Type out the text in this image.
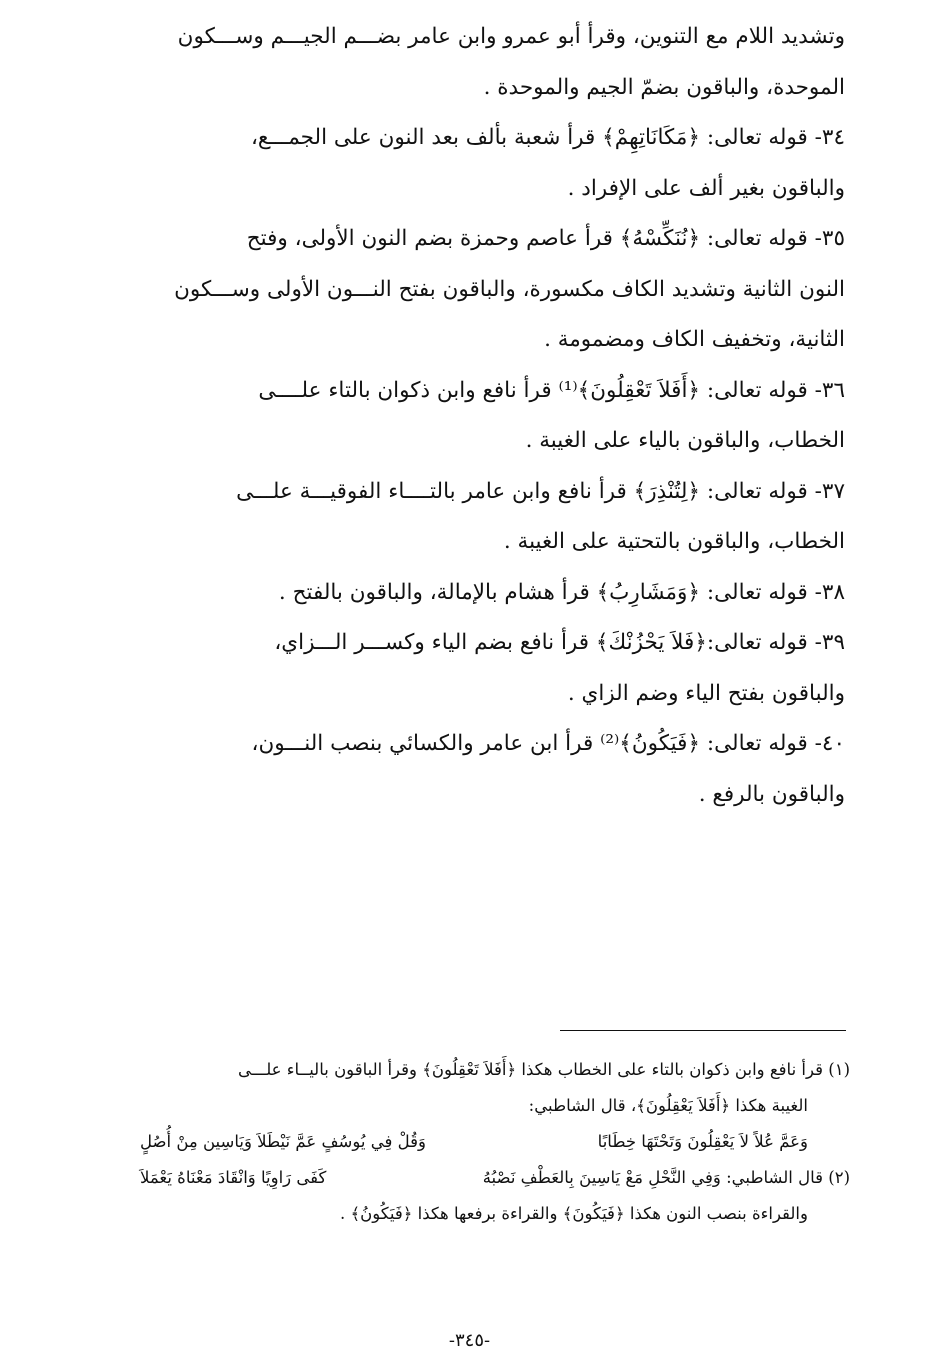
وتشديد اللام مع التنوين، وقرأ أبو عمرو وابن عامر بضـــم الجيـــم وســـكون

الموحدة، والباقون بضمّ الجيم والموحدة .

٣٤- قوله تعالى: ﴿مَكَانَاتِهِمْ﴾ قرأ شعبة بألف بعد النون على الجمـــع،

والباقون بغير ألف على الإفراد .

٣٥- قوله تعالى: ﴿نُنَكِّسْهُ﴾ قرأ عاصم وحمزة بضم النون الأولى، وفتح

النون الثانية وتشديد الكاف مكسورة، والباقون بفتح النـــون الأولى وســـكون

الثانية، وتخفيف الكاف ومضمومة .

٣٦- قوله تعالى: ﴿أَفَلاَ تَعْقِلُونَ﴾⁽¹⁾ قرأ نافع وابن ذكوان بالتاء علــــى

الخطاب، والباقون بالياء على الغيبة .

٣٧- قوله تعالى: ﴿لِتُنْذِرَ﴾ قرأ نافع وابن عامر بالتــــاء الفوقيـــة علـــى

الخطاب، والباقون بالتحتية على الغيبة .

٣٨- قوله تعالى: ﴿وَمَشَارِبُ﴾ قرأ هشام بالإمالة، والباقون بالفتح .

٣٩- قوله تعالى:﴿فَلاَ يَحْزُنْكَ﴾ قرأ نافع بضم الياء وكســـر الـــزاي،

والباقون بفتح الياء وضم الزاي .

٤٠- قوله تعالى: ﴿فَيَكُونُ﴾⁽²⁾ قرأ ابن عامر والكسائي بنصب النـــون،

والباقون بالرفع .

(١) قرأ نافع وابن ذكوان بالتاء على الخطاب هكذا ﴿أَفَلاَ تَعْقِلُونَ﴾ وقرأ الباقون باليــاء علـــى

الغيبة هكذا ﴿أَفَلاَ يَعْقِلُونَ﴾، قال الشاطبي:

وَعَمَّ عُلاً لاَ يَعْقِلُونَ وَتَحْتَهَا خِطَابًا
وَقُلْ فِي يُوسُفٍ عَمَّ نَيْطَلاَ وَيَاسِين مِنْ أُصُلٍ
(٢) قال الشاطبي: وَفِي النَّحْلِ مَعْ يَاسِينَ بِالعَطْفِ نَصْبُهُ
كَفَى رَاوِيًا وَانْقَادَ مَعْنَاهُ يَعْمَلاَ

والقراءة بنصب النون هكذا ﴿فَيَكُونَ﴾ والقراءة برفعها هكذا ﴿فَيَكُونُ﴾ .

-٣٤٥-
